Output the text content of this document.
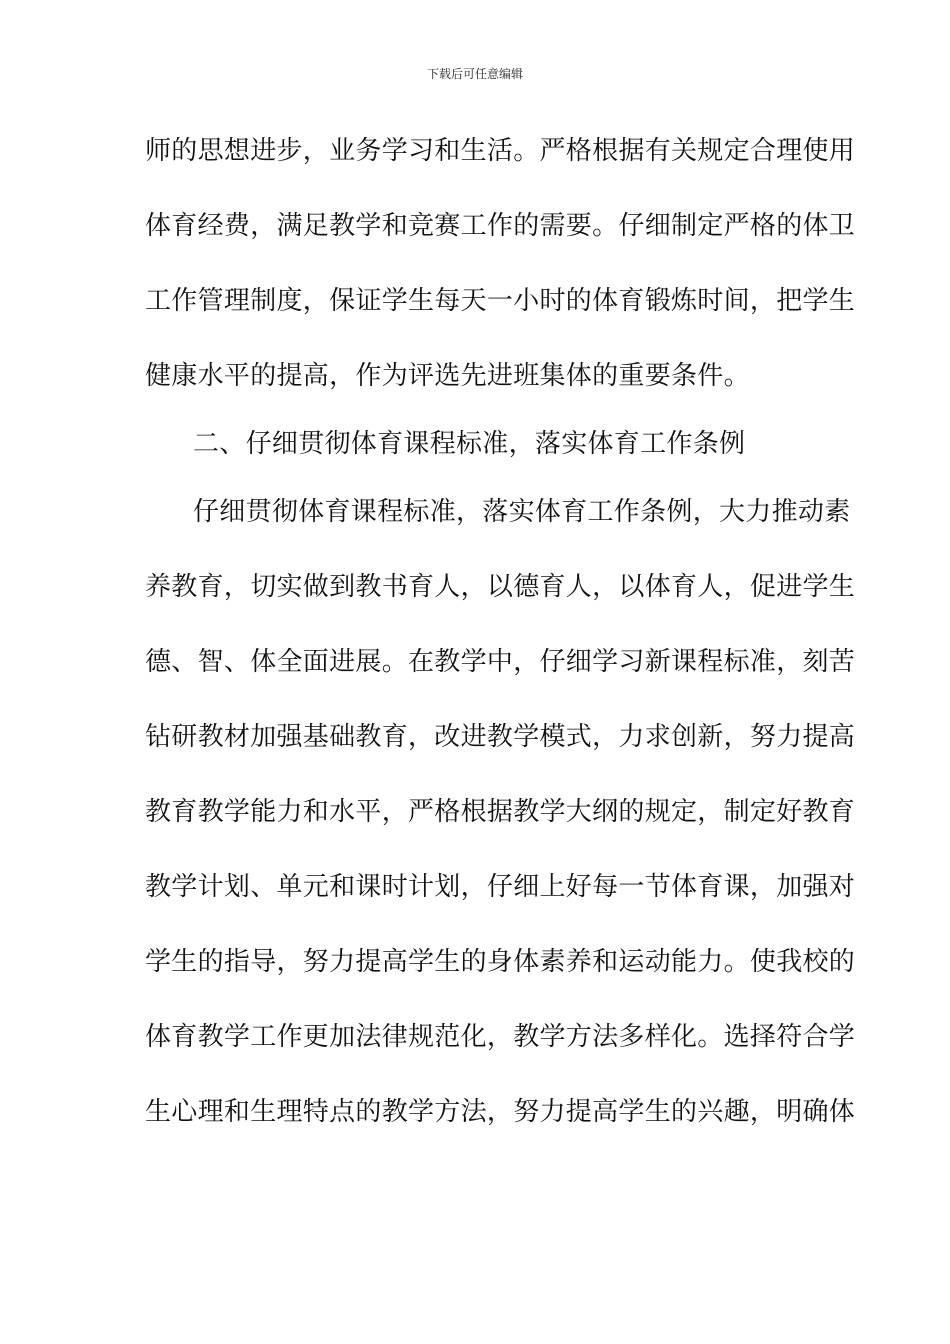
下载后可任意编辑
师的思想进步，业务学习和生活。严格根据有关规定合理使用
体育经费，满足教学和竞赛工作的需要。仔细制定严格的体卫
工作管理制度，保证学生每天一小时的体育锻炼时间，把学生
健康水平的提高，作为评选先进班集体的重要条件。
二、仔细贯彻体育课程标准，落实体育工作条例
仔细贯彻体育课程标准，落实体育工作条例，大力推动素
养教育，切实做到教书育人，以德育人，以体育人，促进学生
德、智、体全面进展。在教学中，仔细学习新课程标准，刻苦
钻研教材加强基础教育，改进教学模式，力求创新，努力提高
教育教学能力和水平，严格根据教学大纲的规定，制定好教育
教学计划、单元和课时计划，仔细上好每一节体育课，加强对
学生的指导，努力提高学生的身体素养和运动能力。使我校的
体育教学工作更加法律规范化，教学方法多样化。选择符合学
生心理和生理特点的教学方法，努力提高学生的兴趣，明确体
